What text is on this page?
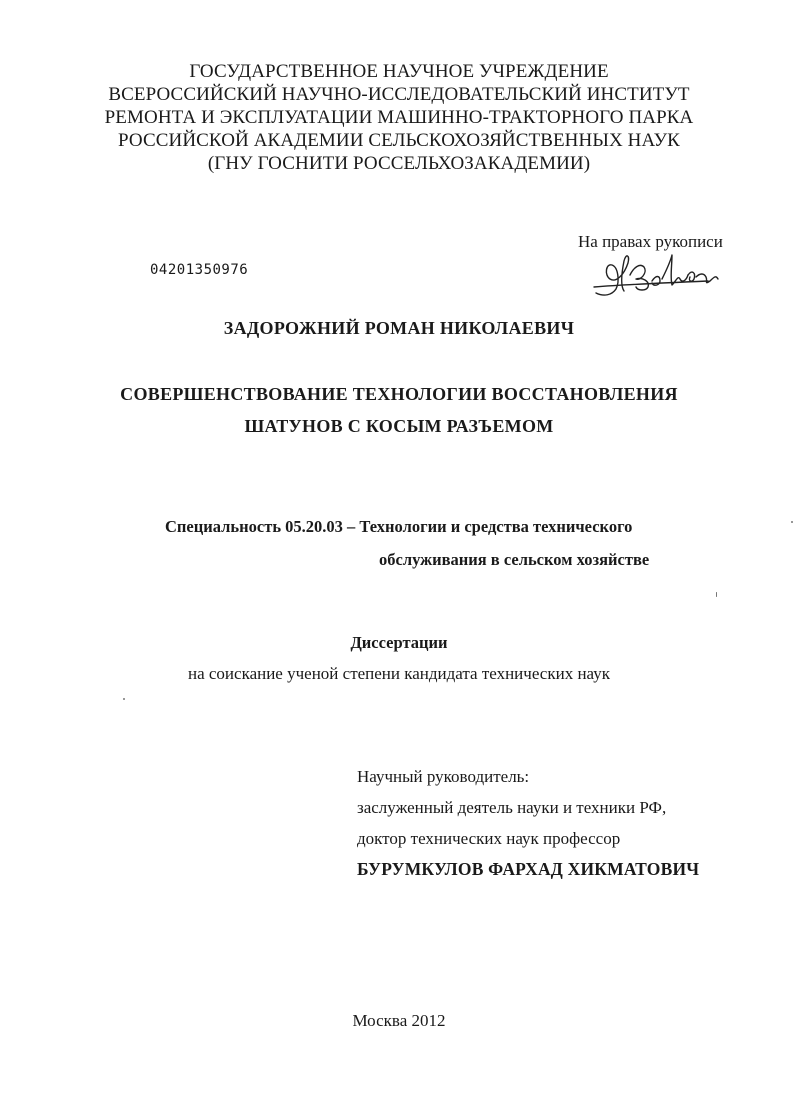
ГОСУДАРСТВЕННОЕ НАУЧНОЕ УЧРЕЖДЕНИЕ
ВСЕРОССИЙСКИЙ НАУЧНО-ИССЛЕДОВАТЕЛЬСКИЙ ИНСТИТУТ
РЕМОНТА И ЭКСПЛУАТАЦИИ МАШИННО-ТРАКТОРНОГО ПАРКА
РОССИЙСКОЙ АКАДЕМИИ СЕЛЬСКОХОЗЯЙСТВЕННЫХ НАУК
(ГНУ ГОСНИТИ РОССЕЛЬХОЗАКАДЕМИИ)
На правах рукописи
04201350976
ЗАДОРОЖНИЙ РОМАН НИКОЛАЕВИЧ
СОВЕРШЕНСТВОВАНИЕ ТЕХНОЛОГИИ ВОССТАНОВЛЕНИЯ
ШАТУНОВ С КОСЫМ РАЗЪЕМОМ
Специальность 05.20.03 – Технологии и средства технического
обслуживания в сельском хозяйстве
Диссертации
на соискание ученой степени кандидата технических наук
Научный руководитель:
заслуженный деятель науки и техники РФ,
доктор технических наук профессор
БУРУМКУЛОВ ФАРХАД ХИКМАТОВИЧ
Москва 2012
